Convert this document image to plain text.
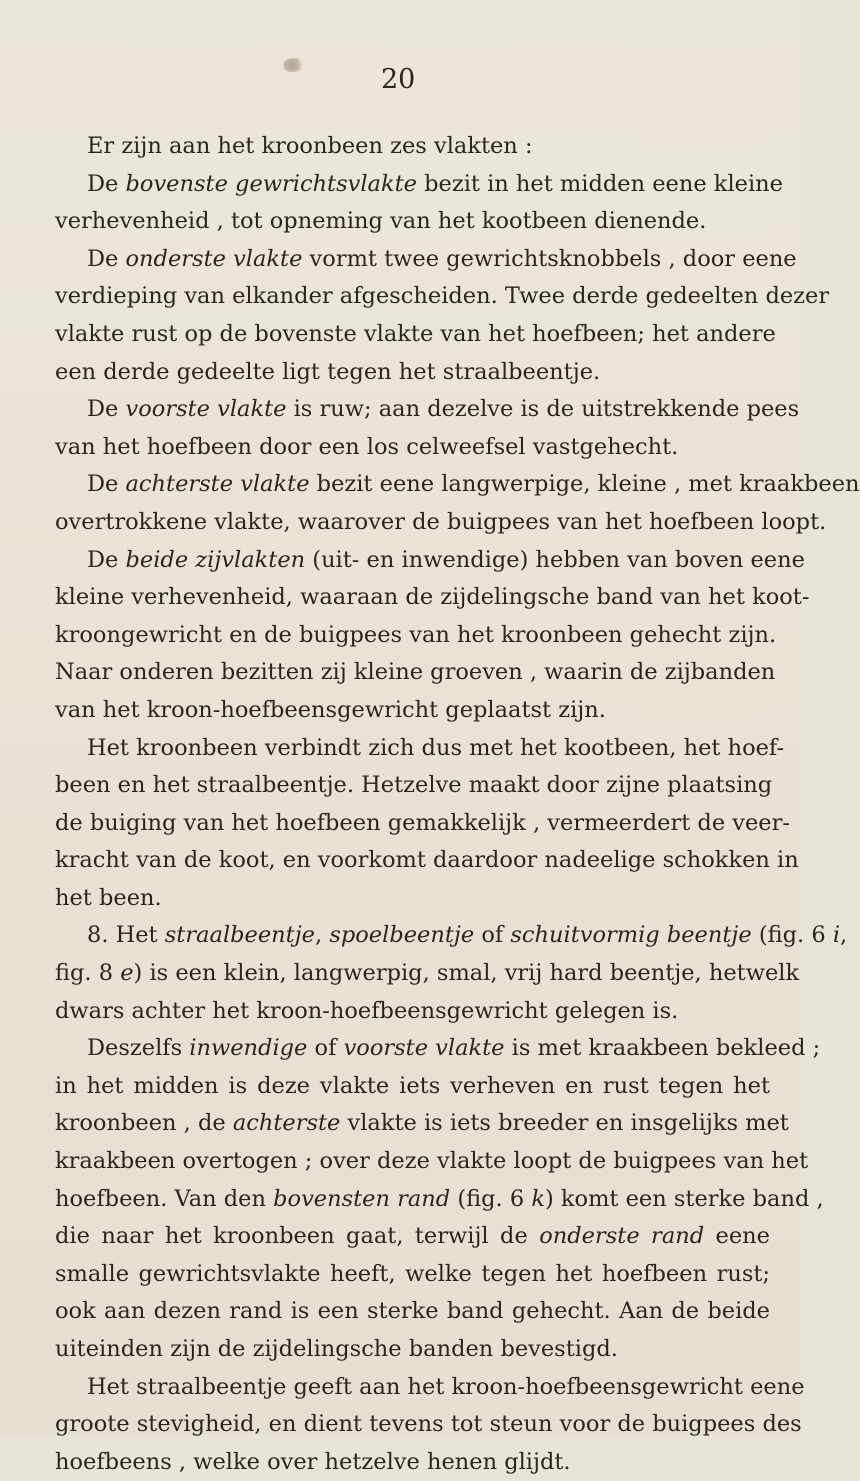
20
Er zijn aan het kroonbeen zes vlakten :
De bovenste gewrichtsvlakte bezit in het midden eene kleine
verhevenheid , tot opneming van het kootbeen dienende.
De onderste vlakte vormt twee gewrichtsknobbels , door eene
verdieping van elkander afgescheiden. Twee derde gedeelten dezer
vlakte rust op de bovenste vlakte van het hoefbeen; het andere
een derde gedeelte ligt tegen het straalbeentje.
De voorste vlakte is ruw; aan dezelve is de uitstrekkende pees
van het hoefbeen door een los celweefsel vastgehecht.
De achterste vlakte bezit eene langwerpige, kleine , met kraakbeen
overtrokkene vlakte, waarover de buigpees van het hoefbeen loopt.
De beide zijvlakten (uit- en inwendige) hebben van boven eene
kleine verhevenheid, waaraan de zijdelingsche band van het koot-
kroongewricht en de buigpees van het kroonbeen gehecht zijn.
Naar onderen bezitten zij kleine groeven , waarin de zijbanden
van het kroon-hoefbeensgewricht geplaatst zijn.
Het kroonbeen verbindt zich dus met het kootbeen, het hoef-
been en het straalbeentje. Hetzelve maakt door zijne plaatsing
de buiging van het hoefbeen gemakkelijk , vermeerdert de veer-
kracht van de koot, en voorkomt daardoor nadeelige schokken in
het been.
8. Het straalbeentje, spoelbeentje of schuitvormig beentje (fig. 6 i,
fig. 8 e) is een klein, langwerpig, smal, vrij hard beentje, hetwelk
dwars achter het kroon-hoefbeensgewricht gelegen is.
Deszelfs inwendige of voorste vlakte is met kraakbeen bekleed ;
in het midden is deze vlakte iets verheven en rust tegen het
kroonbeen , de achterste vlakte is iets breeder en insgelijks met
kraakbeen overtogen ; over deze vlakte loopt de buigpees van het
hoefbeen. Van den bovensten rand (fig. 6 k) komt een sterke band ,
die naar het kroonbeen gaat, terwijl de onderste rand eene
smalle gewrichtsvlakte heeft, welke tegen het hoefbeen rust;
ook aan dezen rand is een sterke band gehecht. Aan de beide
uiteinden zijn de zijdelingsche banden bevestigd.
Het straalbeentje geeft aan het kroon-hoefbeensgewricht eene
groote stevigheid, en dient tevens tot steun voor de buigpees des
hoefbeens , welke over hetzelve henen glijdt.
